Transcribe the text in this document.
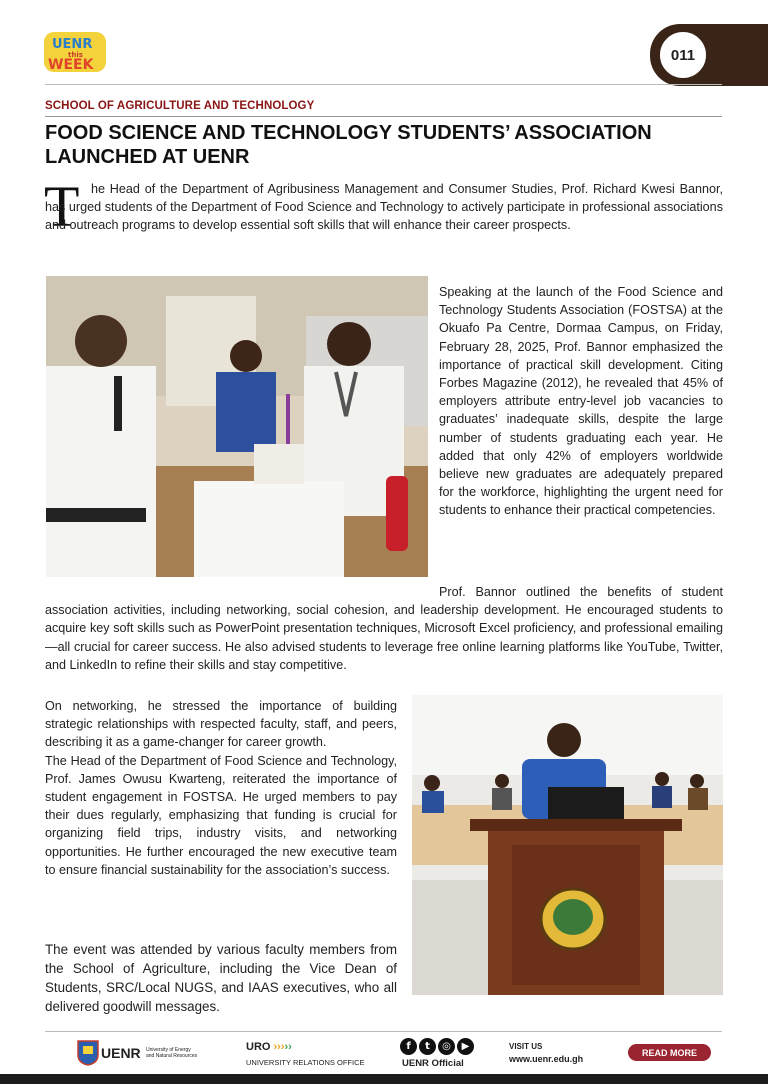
UENR
this
WEEK
011
SCHOOL OF AGRICULTURE AND TECHNOLOGY
FOOD SCIENCE AND TECHNOLOGY STUDENTS’ ASSOCIATION LAUNCHED AT UENR
T he Head of the Department of Agribusiness Management and Consumer Studies, Prof. Richard Kwesi Bannor, has urged students of the Department of Food Science and Technology to actively participate in professional associations and outreach programs to develop essential soft skills that will enhance their career prospects.
Speaking at the launch of the Food Science and Technology Students Association (FOSTSA) at the Okuafo Pa Centre, Dormaa Campus, on Friday, February 28, 2025, Prof. Bannor emphasized the importance of practical skill development. Citing Forbes Magazine (2012), he revealed that 45% of employers attribute entry-level job vacancies to graduates’ inadequate skills, despite the large number of students graduating each year. He added that only 42% of employers worldwide believe new graduates are adequately prepared for the workforce, highlighting the urgent need for students to enhance their practical competencies.
Prof. Bannor outlined the benefits of student association activities, including networking, social cohesion, and leadership development. He encouraged students to acquire key soft skills such as PowerPoint presentation techniques, Microsoft Excel proficiency, and professional emailing—all crucial for career success. He also advised students to leverage free online learning platforms like YouTube, Twitter, and LinkedIn to refine their skills and stay competitive.
On networking, he stressed the importance of building strategic relationships with respected faculty, staff, and peers, describing it as a game-changer for career growth.
The Head of the Department of Food Science and Technology, Prof. James Owusu Kwarteng, reiterated the importance of student engagement in FOSTSA. He urged members to pay their dues regularly, emphasizing that funding is crucial for organizing field trips, industry visits, and networking opportunities. He further encouraged the new executive team to ensure financial sustainability for the association’s success.
The event was attended by various faculty members from the School of Agriculture, including the Vice Dean of Students, SRC/Local NUGS, and IAAS executives, who all delivered goodwill messages.
UENR University of Energy
and Natural Resources
URO ›››››
UNIVERSITY RELATIONS OFFICE
f	t	◎	▶
UENR Official
VISIT US
www.uenr.edu.gh
READ MORE
